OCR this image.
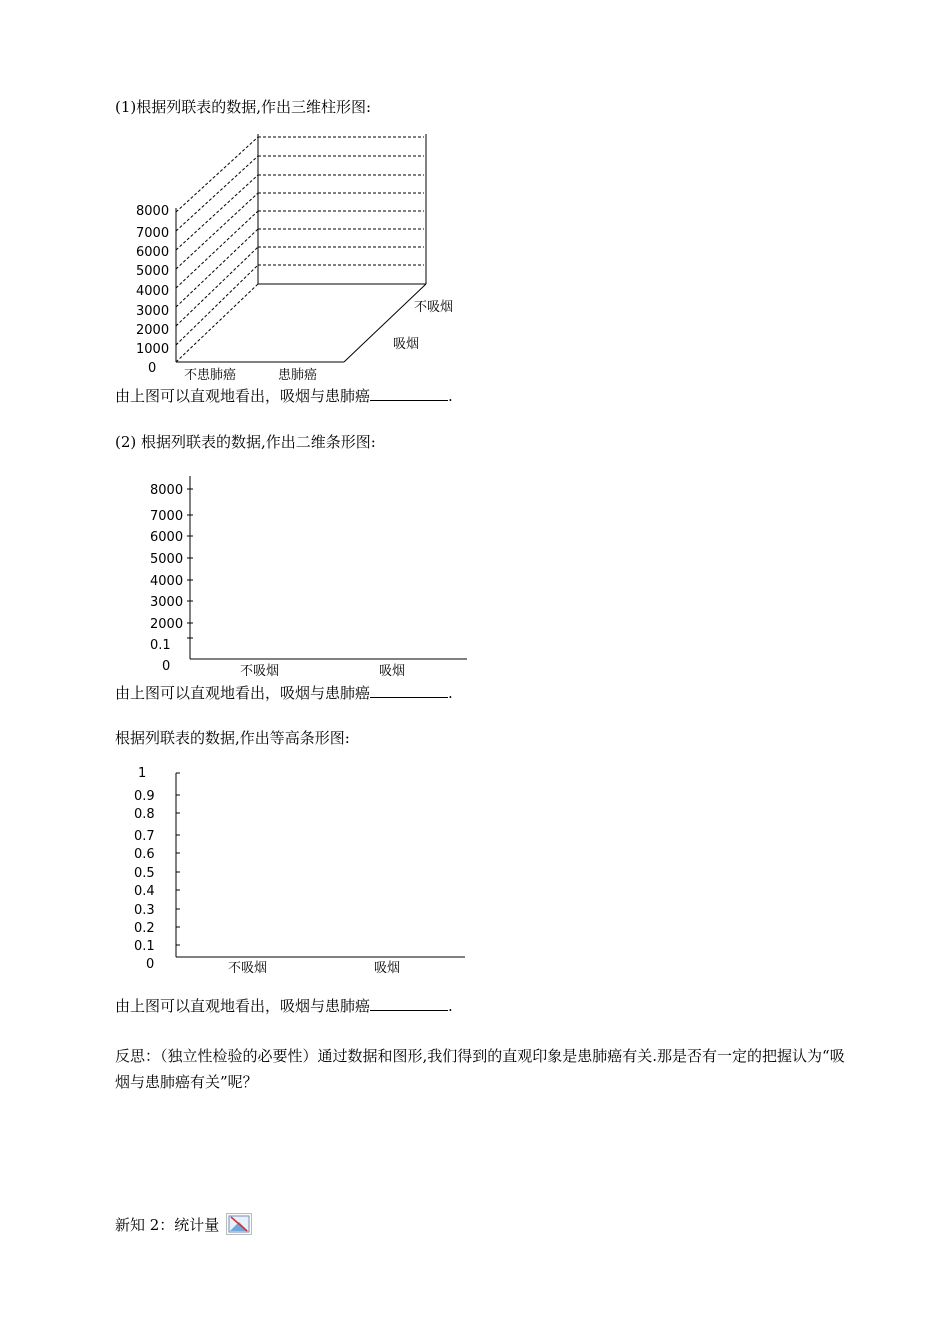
(1)根据列联表的数据,作出三维柱形图:
8000
7000
6000
5000
4000
3000
2000
1000
0 不患肺癌	患肺癌
不吸烟
吸烟
由上图可以直观地看出，吸烟与患肺癌	.
(2) 根据列联表的数据,作出二维条形图:
8000
7000
6000
5000
4000
3000
2000
0.1
0	不吸烟	吸烟
由上图可以直观地看出，吸烟与患肺癌	.
根据列联表的数据,作出等高条形图:
1
0.9
0.8
0.7
0.6
0.5
0.4
0.3
0.2
0.1
0	不吸烟	吸烟
由上图可以直观地看出，吸烟与患肺癌	.
反思：（独立性检验的必要性）通过数据和图形,我们得到的直观印象是患肺癌有关.那是否有一定的把握认为“吸烟与患肺癌有关”呢？
新知 2：统计量
